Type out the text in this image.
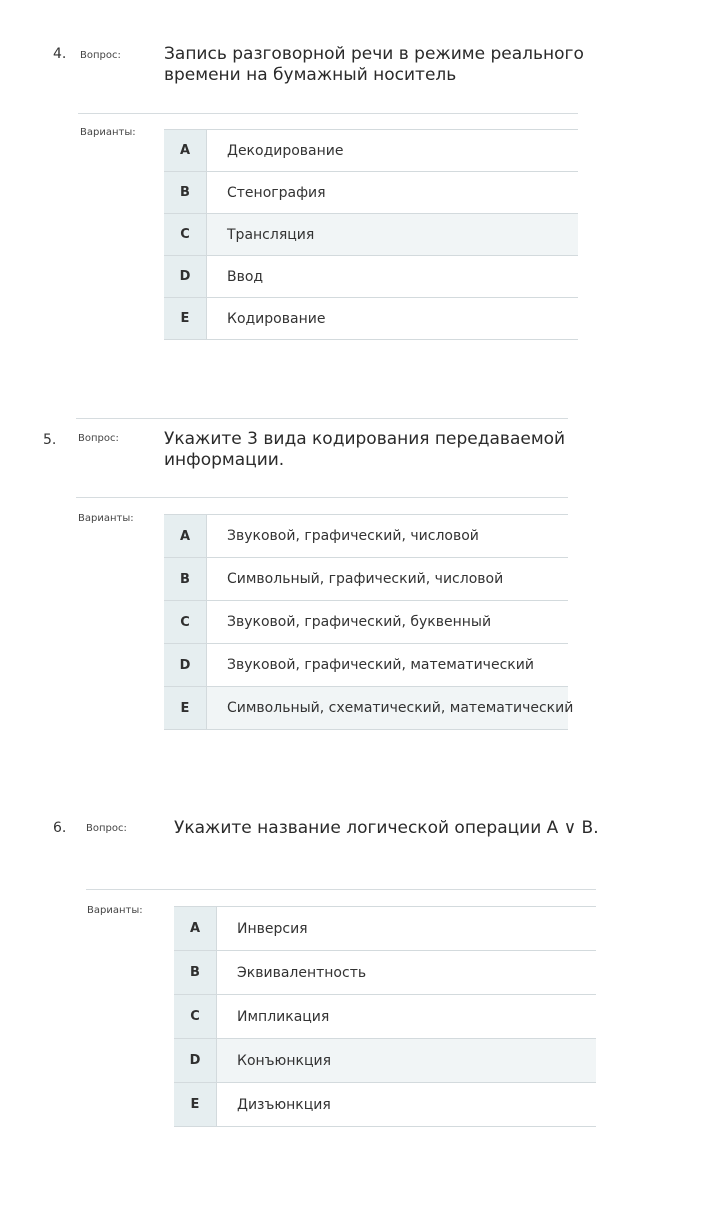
4. Вопрос:	Запись разговорной речи в режиме реального
времени на бумажный носитель
Варианты:
A	Декодирование
B	Стенография
C	Трансляция
D	Ввод
E	Кодирование
5. Вопрос:	Укажите 3 вида кодирования передаваемой
информации.
Варианты:
A	Звуковой, графический, числовой
B	Символьный, графический, числовой
C	Звуковой, графический, буквенный
D	Звуковой, графический, математический
E	Символьный, схематический, математический
6. Вопрос:	Укажите название логической операции A ∨ B.
Варианты:
A	Инверсия
B	Эквивалентность
C	Импликация
D	Конъюнкция
E	Дизъюнкция
